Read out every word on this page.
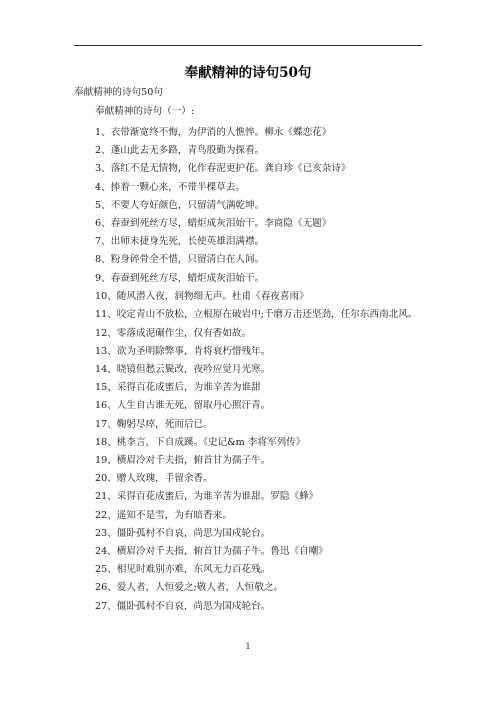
奉献精神的诗句50句
奉献精神的诗句50句
奉献精神的诗句（一）:
1、衣带渐宽终不悔，为伊消的人憔悴。柳永《蝶恋花》
2、蓬山此去无多路，青鸟殷勤为探看。
3、落红不是无情物，化作春泥更护花。龚自珍《已亥杂诗》
4、捧着一颗心来，不带半棵草去。
5、不要人夸好颜色，只留清气满乾坤。
6、春蚕到死丝方尽，蜡炬成灰泪始干。李商隐《无题》
7、出师未捷身先死，长使英雄泪满襟。
8、粉身碎骨全不惜，只留清白在人间。
9、春蚕到死丝方尽，蜡炬成灰泪始干。
10、随风潜入夜，润物细无声。杜甫《春夜喜雨》
11、咬定青山不放松，立根原在破岩中;千磨万击还坚劲，任尔东西南北风。
12、零落成泥碾作尘，仅有香如故。
13、欲为圣明除弊事，肯将衰朽惜残年。
14、晓镜但愁云鬓改，夜吟应觉月光寒。
15、采得百花成蜜后，为谁辛苦为谁甜
16、人生自古谁无死，留取丹心照汗青。
17、鞠躬尽瘁，死而后已。
18、桃李言，下自成蹊。《史记&m 李将军列传》
19、横眉冷对千夫指，俯首甘为孺子牛。
20、赠人玫瑰，手留余香。
21、采得百花成蜜后，为谁辛苦为谁甜。罗隐《蜂》
22、遥知不是雪，为有暗香来。
23、僵卧孤村不自哀，尚思为国戍轮台。
24、横眉冷对千夫指，俯首甘为孺子牛。鲁迅《自嘲》
25、相见时难别亦难，东风无力百花残。
26、爱人者，人恒爱之;敬人者，人恒敬之。
27、僵卧孤村不自哀，尚思为国戍轮台。
1
